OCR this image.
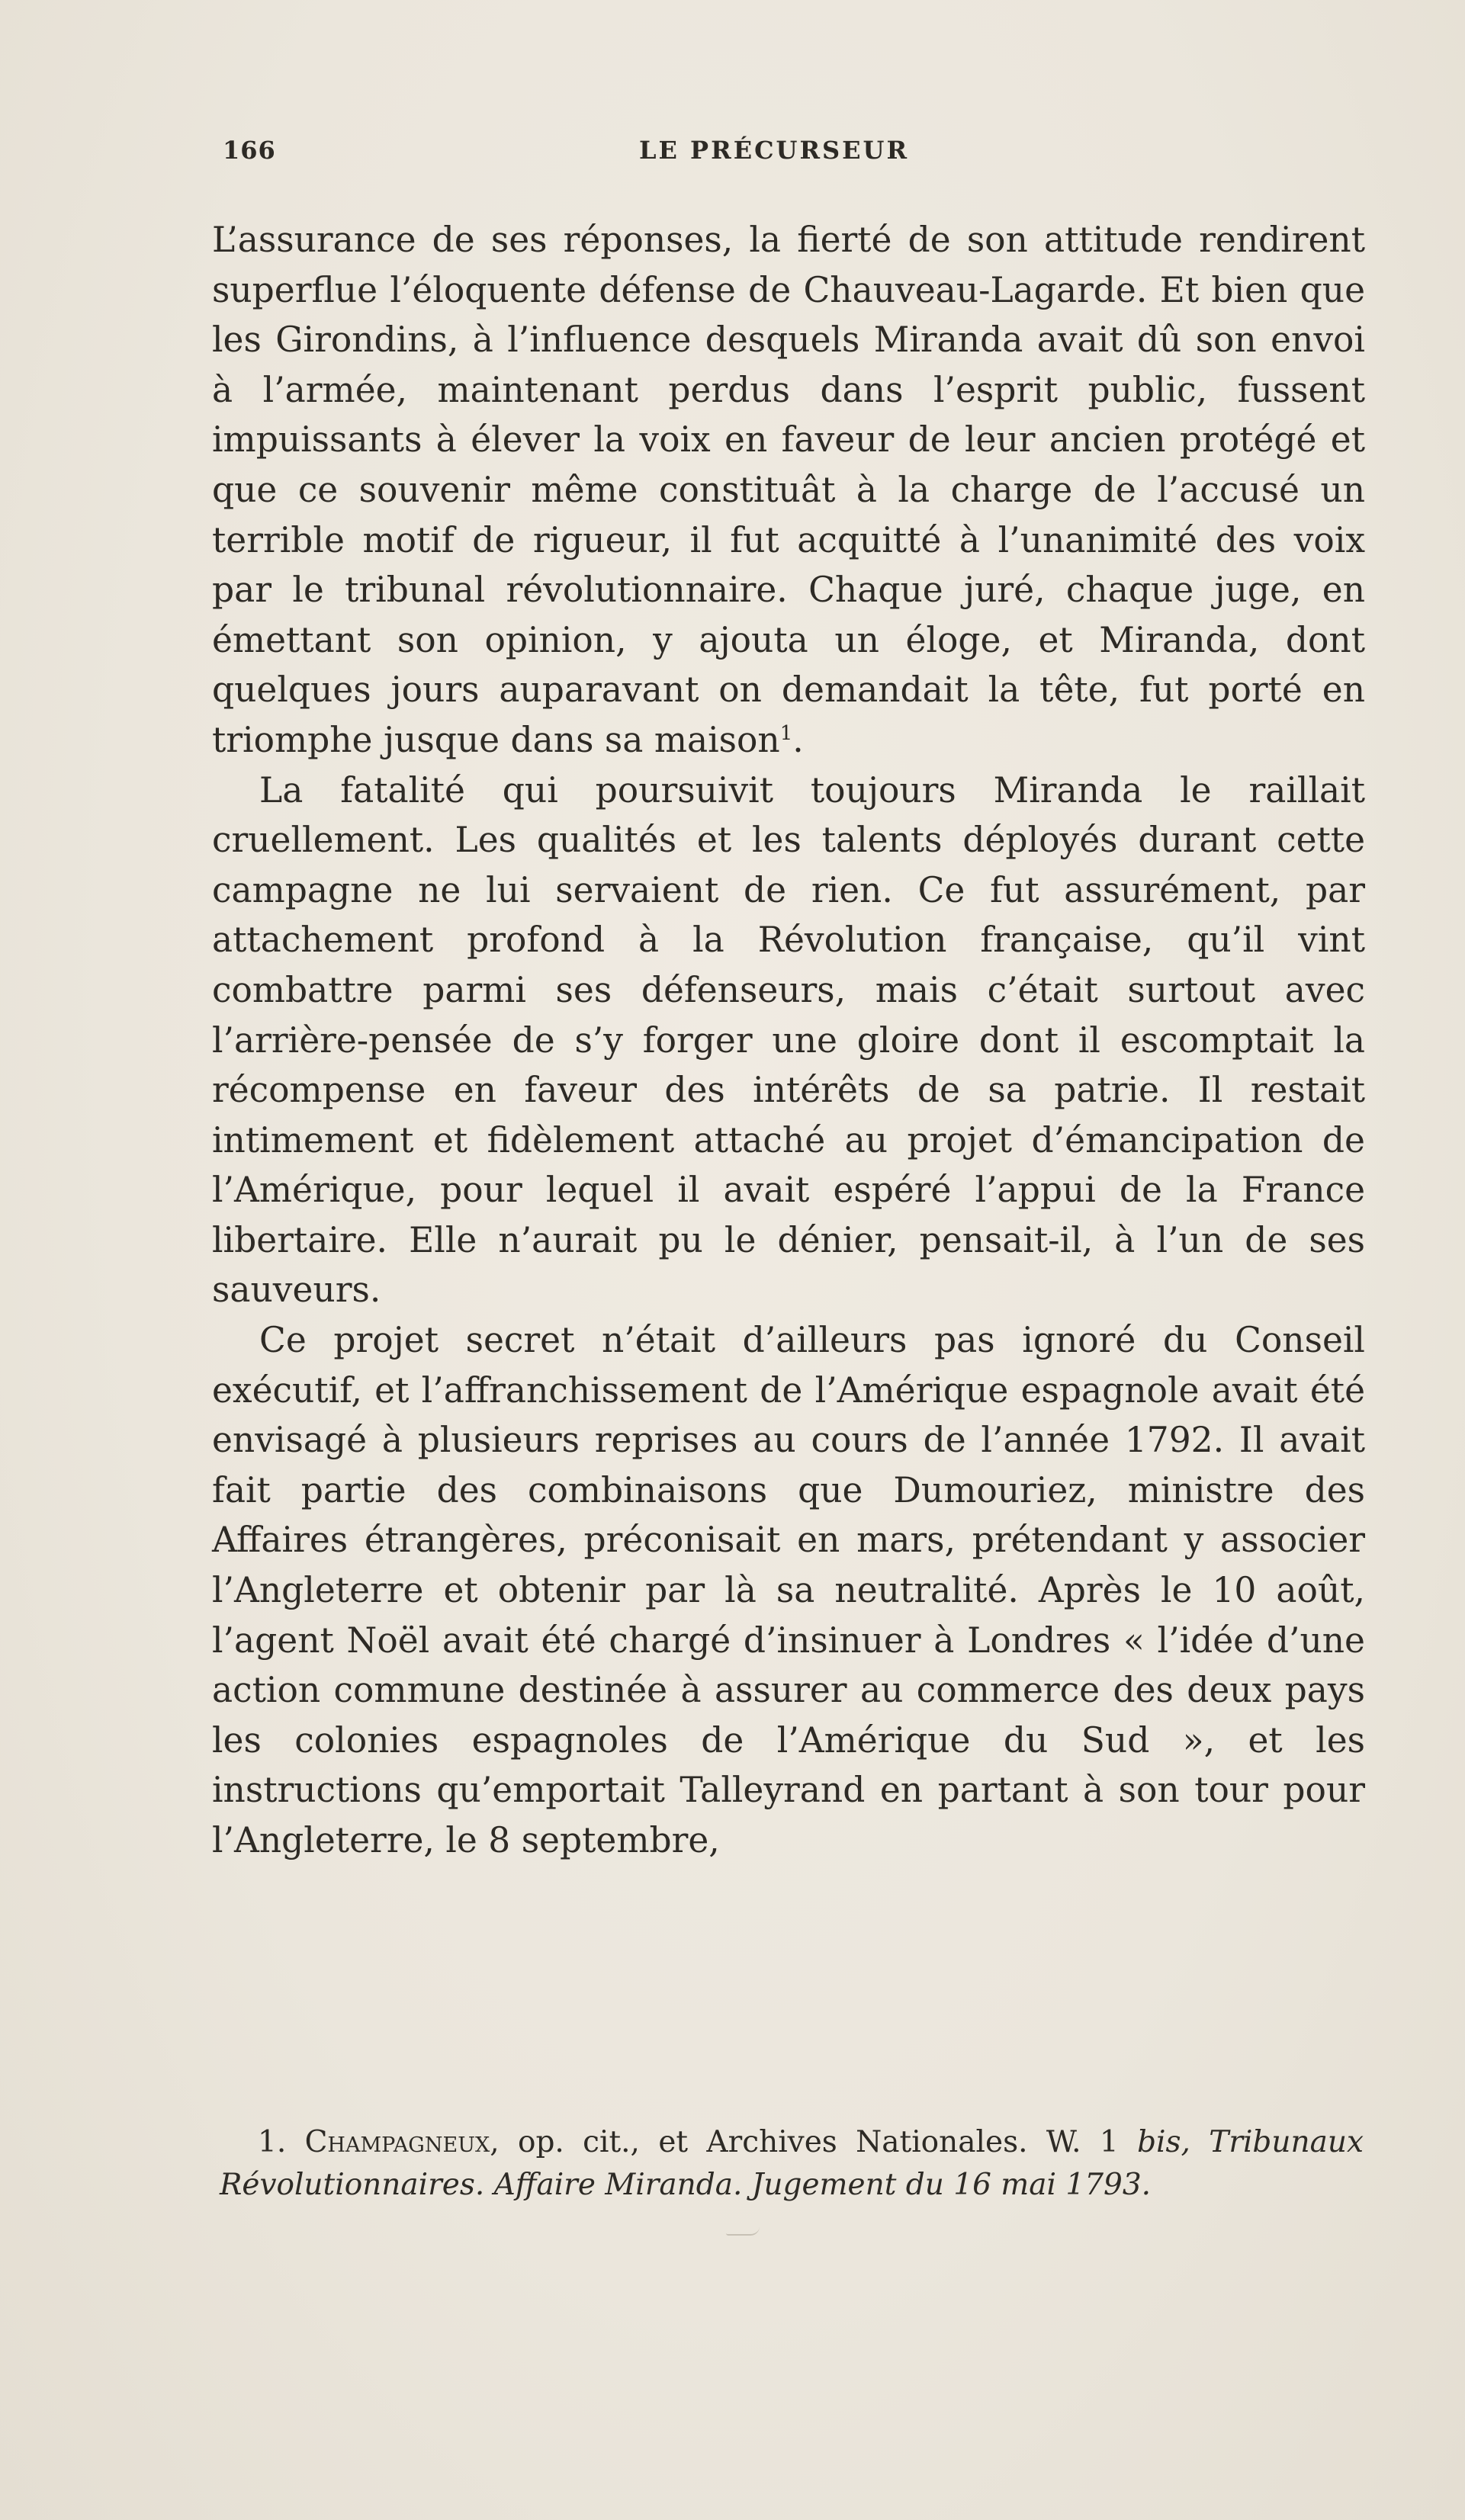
166	LE PRÉCURSEUR

L’assurance de ses réponses, la fierté de son attitude rendirent superflue l’éloquente défense de Chauveau-Lagarde. Et bien que les Girondins, à l’influence desquels Miranda avait dû son envoi à l’armée, maintenant perdus dans l’esprit public, fussent impuissants à élever la voix en faveur de leur ancien protégé et que ce souvenir même constituât à la charge de l’accusé un terrible motif de rigueur, il fut acquitté à l’unanimité des voix par le tribunal révolutionnaire. Chaque juré, chaque juge, en émettant son opinion, y ajouta un éloge, et Miranda, dont quelques jours auparavant on demandait la tête, fut porté en triomphe jusque dans sa maison$^1$.

La fatalité qui poursuivit toujours Miranda le raillait cruellement. Les qualités et les talents déployés durant cette campagne ne lui servaient de rien. Ce fut assurément, par attachement profond à la Révolution française, qu’il vint combattre parmi ses défenseurs, mais c’était surtout avec l’arrière-pensée de s’y forger une gloire dont il escomptait la récompense en faveur des intérêts de sa patrie. Il restait intimement et fidèlement attaché au projet d’émancipation de l’Amérique, pour lequel il avait espéré l’appui de la France libertaire. Elle n’aurait pu le dénier, pensait-il, à l’un de ses sauveurs.

Ce projet secret n’était d’ailleurs pas ignoré du Conseil exécutif, et l’affranchissement de l’Amérique espagnole avait été envisagé à plusieurs reprises au cours de l’année 1792. Il avait fait partie des combinaisons que Dumouriez, ministre des Affaires étrangères, préconisait en mars, prétendant y associer l’Angleterre et obtenir par là sa neutralité. Après le 10 août, l’agent Noël avait été chargé d’insinuer à Londres « l’idée d’une action commune destinée à assurer au commerce des deux pays les colonies espagnoles de l’Amérique du Sud », et les instructions qu’emportait Talleyrand en partant à son tour pour l’Angleterre, le 8 septembre,

1. Champagneux, op. cit., et Archives Nationales. W. 1 bis, Tribunaux Révolutionnaires. Affaire Miranda. Jugement du 16 mai 1793.
